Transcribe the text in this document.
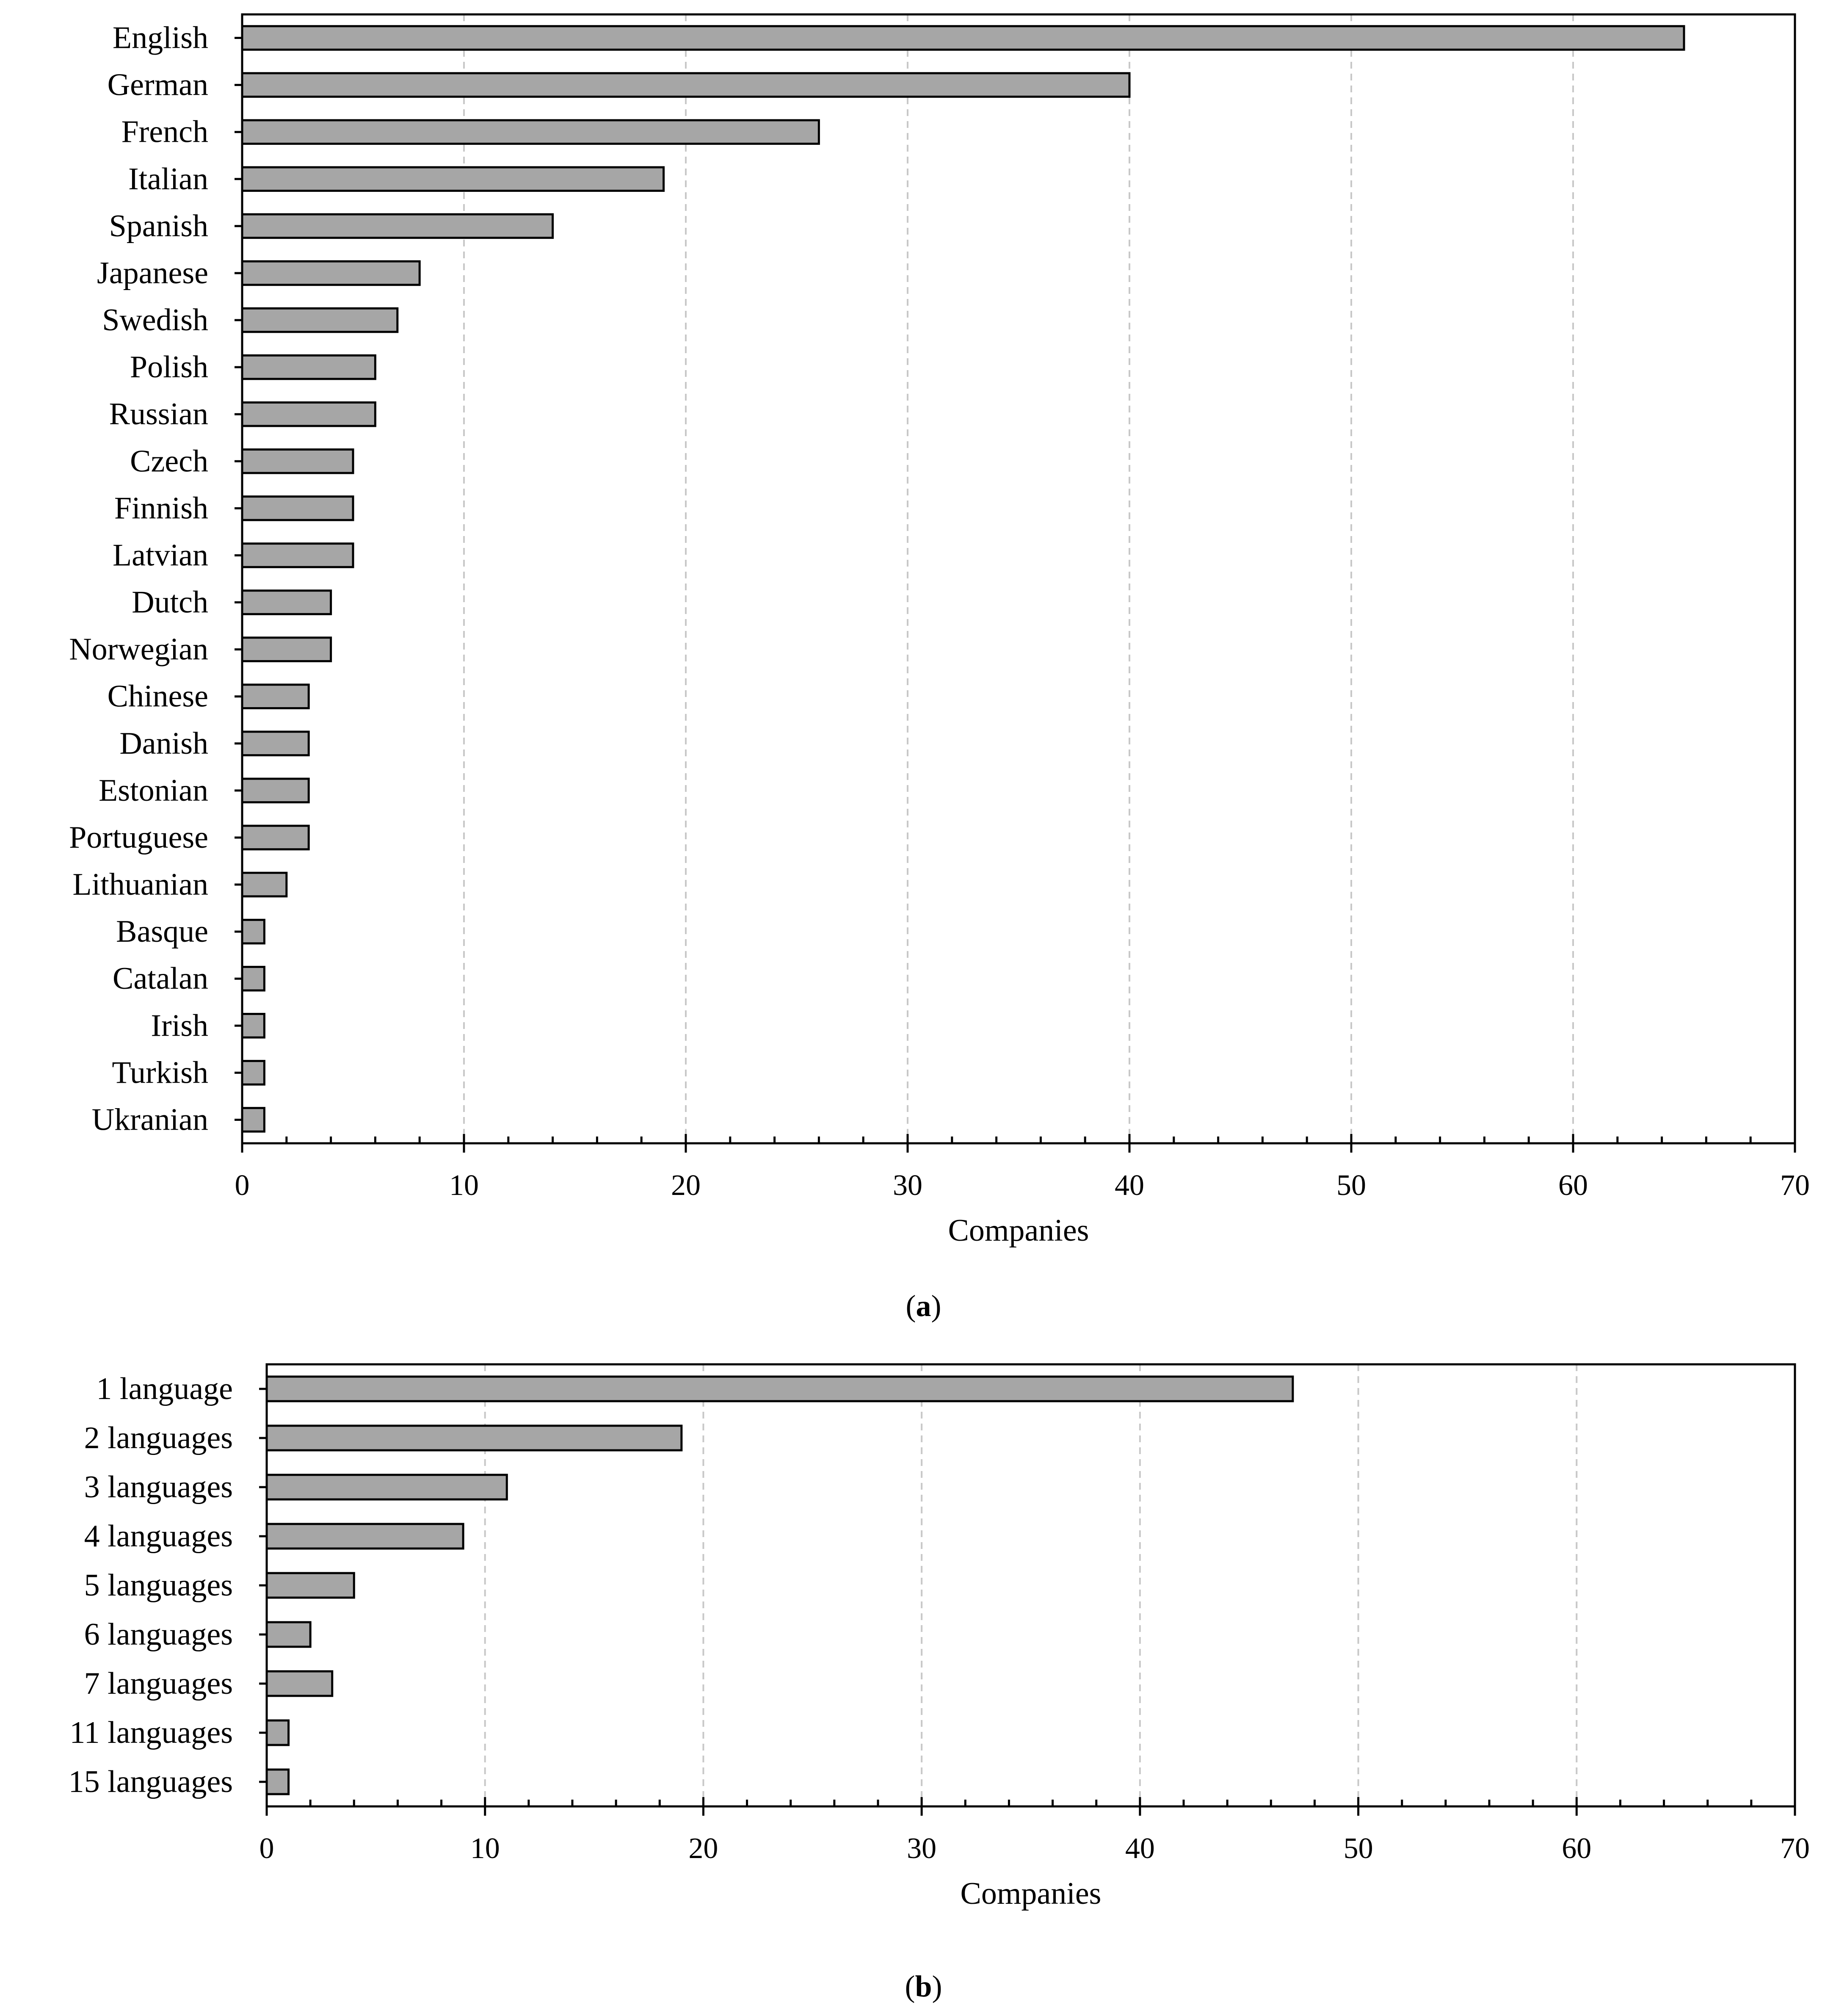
English
German
French
Italian
Spanish
Japanese
Swedish
Polish
Russian
Czech
Finnish
Latvian
Dutch
Norwegian
Chinese
Danish
Estonian
Portuguese
Lithuanian
Basque
Catalan
Irish
Turkish
Ukranian
0	10	20	30	40	50	60	70
Companies
1 language
2 languages
3 languages
4 languages
5 languages
6 languages
7 languages
11 languages
15 languages
0	10	20	30	40	50	60	70
Companies
(a)
(b)
